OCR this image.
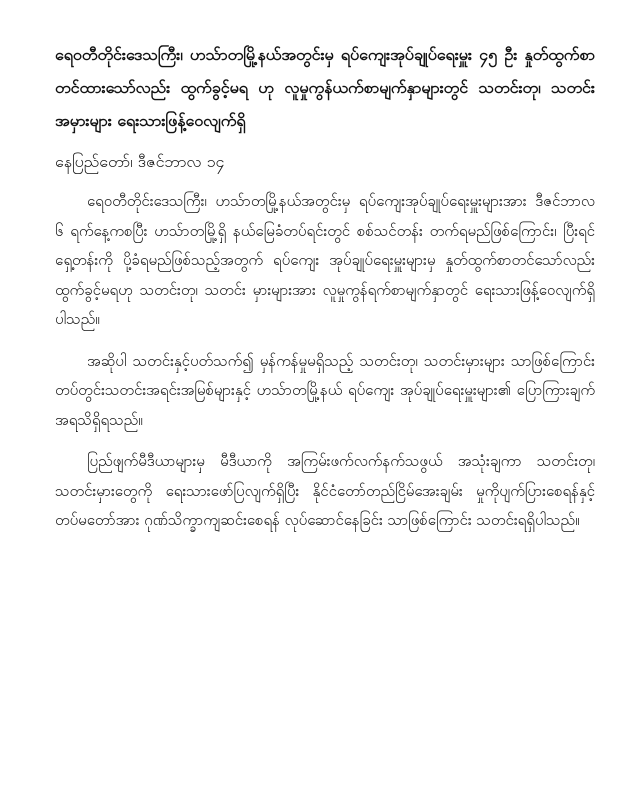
ရေဝတီတိုင်းဒေသကြီး၊ ဟသ်ာတမြို့နယ်အတွင်းမှ ရပ်ကျေးအုပ်ချုပ်ရေးမှူး ၄၅ ဦး နှုတ်ထွက်စာတင်ထားသော်လည်း ထွက်ခွင့်မရ ဟု လူမှုကွန်ယက်စာမျက်နှာများတွင် သတင်းတု၊ သတင်းအမှားများ ရေးသားဖြန့်ဝေလျက်ရှိ

နေပြည်တော်၊ ဒီဇင်ဘာလ ၁၄

ရေဝတီတိုင်းဒေသကြီး၊ ဟသ်ာတမြို့နယ်အတွင်းမှ ရပ်ကျေးအုပ်ချုပ်ရေးမှူးများအား ဒီဇင်ဘာလ ၆ ရက်နေ့ကစပြီး ဟသ်ာတမြို့ရှိ နယ်မြေခံတပ်ရင်းတွင် စစ်သင်တန်း တက်ရမည်ဖြစ်ကြောင်း၊ ပြီးရင်ရှေ့တန်းကို ပို့ခံရမည်ဖြစ်သည့်အတွက် ရပ်ကျေး အုပ်ချုပ်ရေးမှူးများမှ နှုတ်ထွက်စာတင်သော်လည်း ထွက်ခွင့်မရဟု သတင်းတု၊ သတင်း မှားများအား လူမှုကွန်ရက်စာမျက်နှာတွင် ရေးသားဖြန့်ဝေလျက်ရှိပါသည်။

အဆိုပါ သတင်းနှင့်ပတ်သက်၍ မှန်ကန်မှုမရှိသည့် သတင်းတု၊ သတင်းမှားများ သာဖြစ်ကြောင်း တပ်တွင်းသတင်းအရင်းအမြစ်များနှင့် ဟသ်ာတမြို့နယ် ရပ်ကျေး အုပ်ချုပ်ရေးမှူးများ၏ ပြောကြားချက်အရသိရှိရသည်။

ပြည်ဖျက်မီဒီယာများမှ မီဒီယာကို အကြမ်းဖက်လက်နက်သဖွယ် အသုံးချကာ သတင်းတု၊ သတင်းမှားတွေကို ရေးသားဖော်ပြလျက်ရှိပြီး နိုင်ငံတော်တည်ငြိမ်အေးချမ်း မှုကိုပျက်ပြားစေရန်နှင့် တပ်မတော်အား ဂုဏ်သိက္ခာကျဆင်းစေရန် လုပ်ဆောင်နေခြင်း သာဖြစ်ကြောင်း သတင်းရရှိပါသည်။
